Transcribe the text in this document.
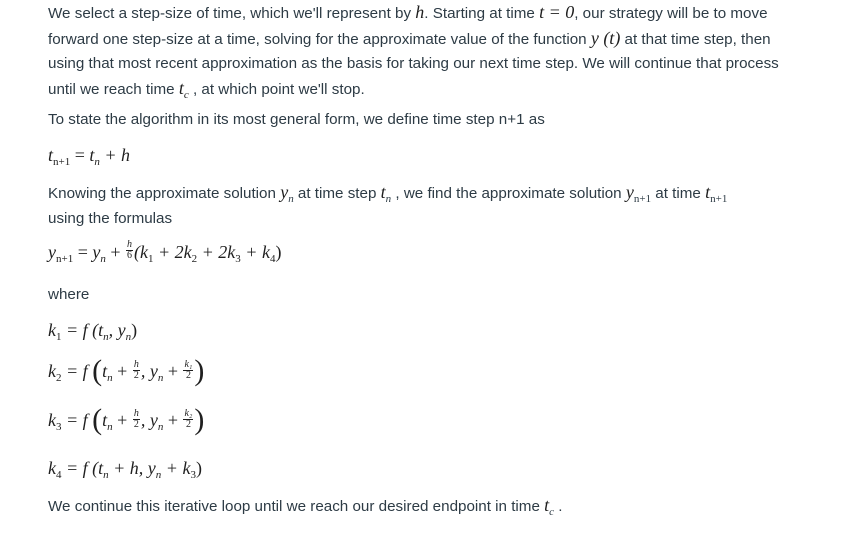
We select a step-size of time, which we'll represent by h. Starting at time t = 0, our strategy will be to move

forward one step-size at a time, solving for the approximate value of the function y (t) at that time step, then

using that most recent approximation as the basis for taking our next time step. We will continue that process

until we reach time $t_c$ , at which point we'll stop.

To state the algorithm in its most general form, we define time step n+1 as

$t_{n+1} = t_n + h$

Knowing the approximate solution $y_n$ at time step $t_n$ , we find the approximate solution $y_{n+1}$ at time $t_{n+1}$

using the formulas

$y_{n+1} = y_n + \frac{h}{6} (k_1 + 2k_2 + 2k_3 + k_4)$

where

$k_1 = f$ ($t_n$, $y_n$)
$k_2 = f$ ($t_n + \frac{h}{2}$ , $y_n + \frac{\text{k₁}}{2}$ )
$k_3 = f$ ($t_n + \frac{h}{2}$ , $y_n + \frac{\text{k₂}}{2}$ )
$k_4 = f$ ($t_n + h$, $y_n + k_3$)

We continue this iterative loop until we reach our desired endpoint in time $t_c$ .
